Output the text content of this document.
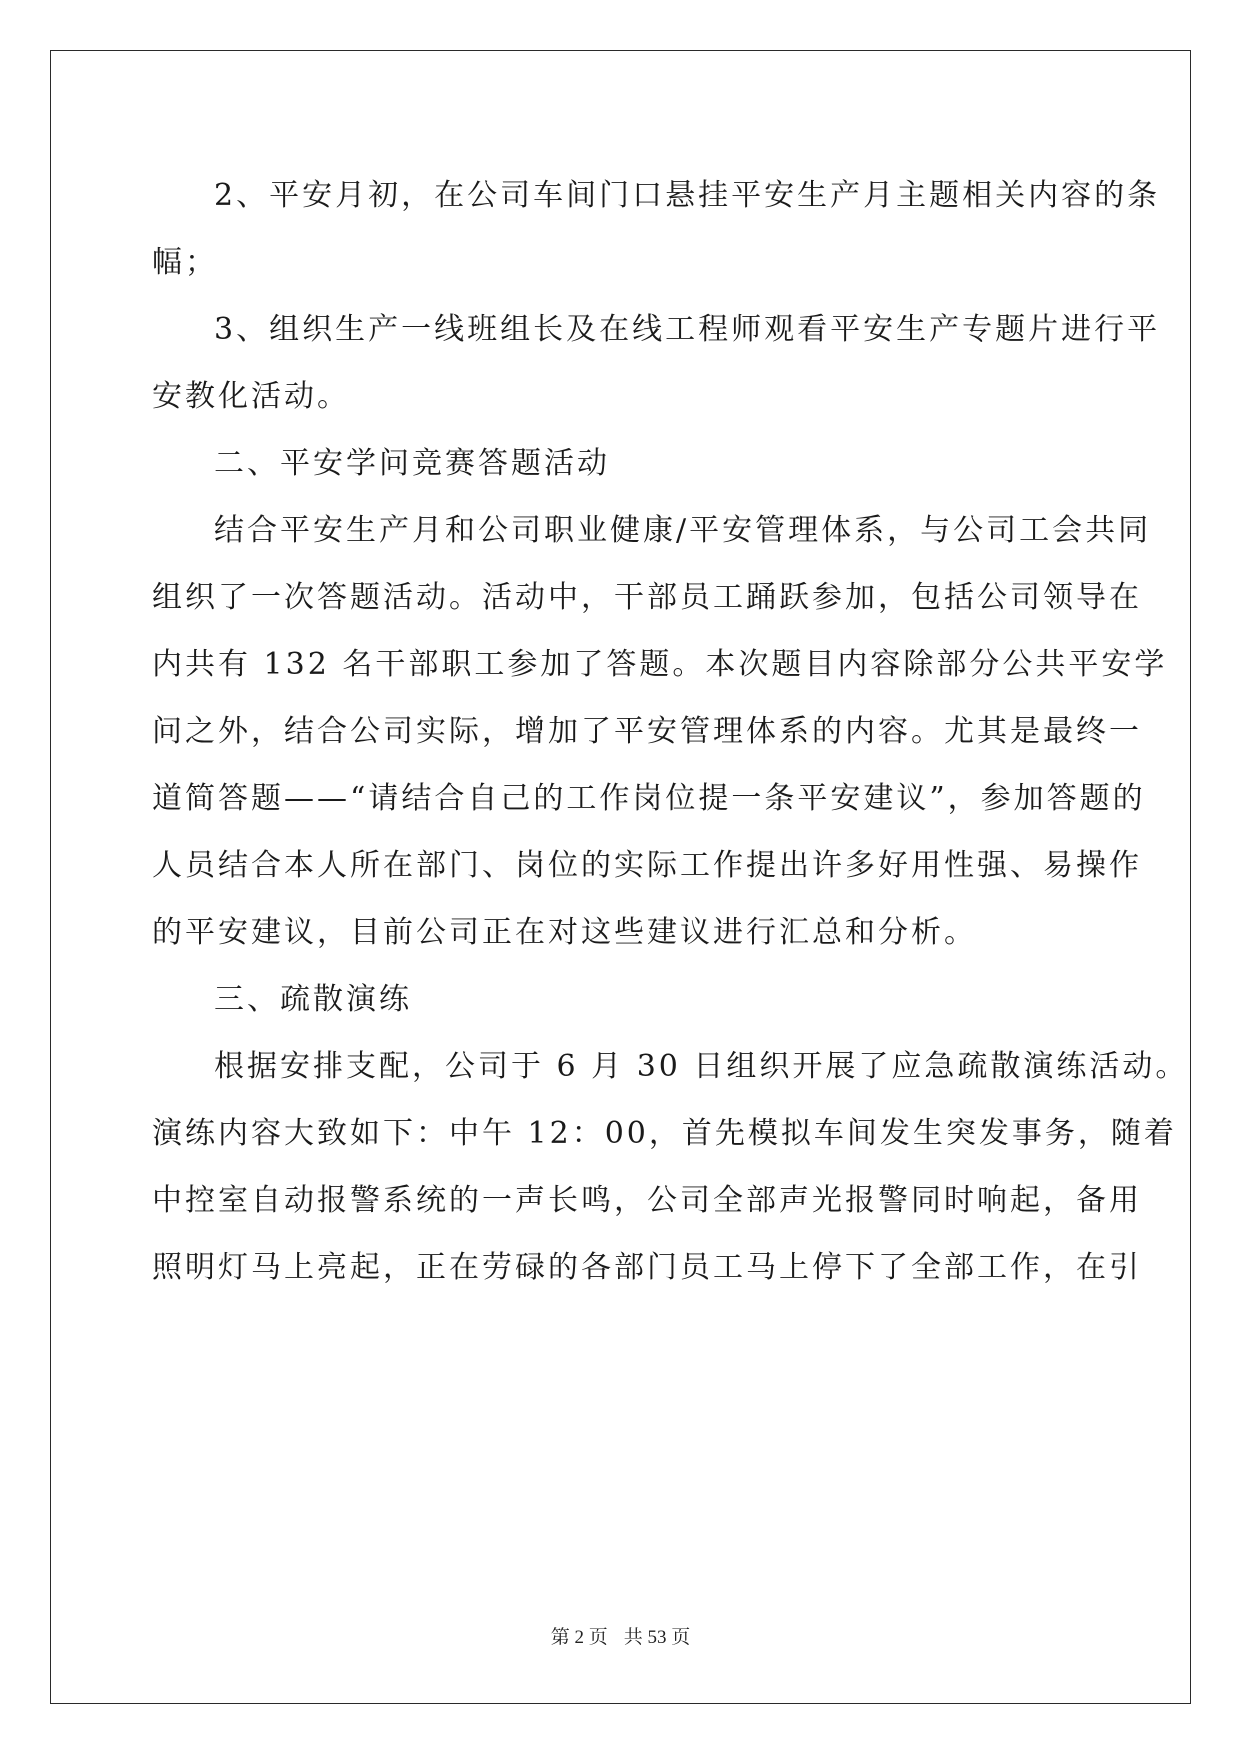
2、平安月初，在公司车间门口悬挂平安生产月主题相关内容的条
幅；
3、组织生产一线班组长及在线工程师观看平安生产专题片进行平
安教化活动。
二、平安学问竞赛答题活动
结合平安生产月和公司职业健康/平安管理体系，与公司工会共同
组织了一次答题活动。活动中，干部员工踊跃参加，包括公司领导在
内共有 132 名干部职工参加了答题。本次题目内容除部分公共平安学
问之外，结合公司实际，增加了平安管理体系的内容。尤其是最终一
道简答题——“请结合自己的工作岗位提一条平安建议”，参加答题的
人员结合本人所在部门、岗位的实际工作提出许多好用性强、易操作
的平安建议，目前公司正在对这些建议进行汇总和分析。
三、疏散演练
根据安排支配，公司于 6 月 30 日组织开展了应急疏散演练活动。
演练内容大致如下：中午 12：00，首先模拟车间发生突发事务，随着
中控室自动报警系统的一声长鸣，公司全部声光报警同时响起，备用
照明灯马上亮起，正在劳碌的各部门员工马上停下了全部工作，在引
第 2 页 共 53 页
